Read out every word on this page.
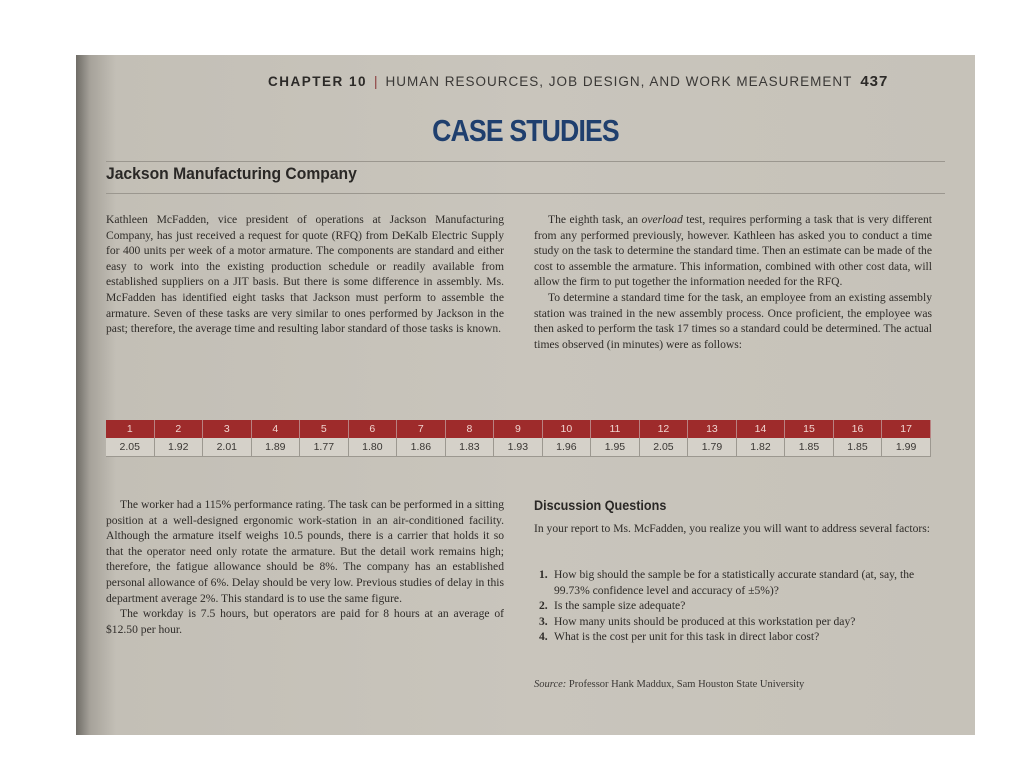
CHAPTER 10 | HUMAN RESOURCES, JOB DESIGN, AND WORK MEASUREMENT 437
CASE STUDIES
Jackson Manufacturing Company

Kathleen McFadden, vice president of operations at Jackson Manufacturing Company, has just received a request for quote (RFQ) from DeKalb Electric Supply for 400 units per week of a motor armature. The components are standard and either easy to work into the existing production schedule or readily available from established suppliers on a JIT basis. But there is some difference in assembly. Ms. McFadden has identified eight tasks that Jackson must perform to assemble the armature. Seven of these tasks are very similar to ones performed by Jackson in the past; therefore, the average time and resulting labor standard of those tasks is known.

The eighth task, an overload test, requires performing a task that is very different from any performed previously, however. Kathleen has asked you to conduct a time study on the task to determine the standard time. Then an estimate can be made of the cost to assemble the armature. This information, combined with other cost data, will allow the firm to put together the information needed for the RFQ.

To determine a standard time for the task, an employee from an existing assembly station was trained in the new assembly process. Once proficient, the employee was then asked to perform the task 17 times so a standard could be determined. The actual times observed (in minutes) were as follows:

1	2	3	4	5	6	7	8	9	10	11	12	13	14	15	16	17
2.05	1.92	2.01	1.89	1.77	1.80	1.86	1.83	1.93	1.96	1.95	2.05	1.79	1.82	1.85	1.85	1.99

The worker had a 115% performance rating. The task can be performed in a sitting position at a well-designed ergonomic work-station in an air-conditioned facility. Although the armature itself weighs 10.5 pounds, there is a carrier that holds it so that the operator need only rotate the armature. But the detail work remains high; therefore, the fatigue allowance should be 8%. The company has an established personal allowance of 6%. Delay should be very low. Previous studies of delay in this department average 2%. This standard is to use the same figure.

The workday is 7.5 hours, but operators are paid for 8 hours at an average of $12.50 per hour.

Discussion Questions

In your report to Ms. McFadden, you realize you will want to address several factors:

1. How big should the sample be for a statistically accurate standard (at, say, the 99.73% confidence level and accuracy of ±5%)?
2. Is the sample size adequate?
3. How many units should be produced at this workstation per day?
4. What is the cost per unit for this task in direct labor cost?
Source: Professor Hank Maddux, Sam Houston State University
